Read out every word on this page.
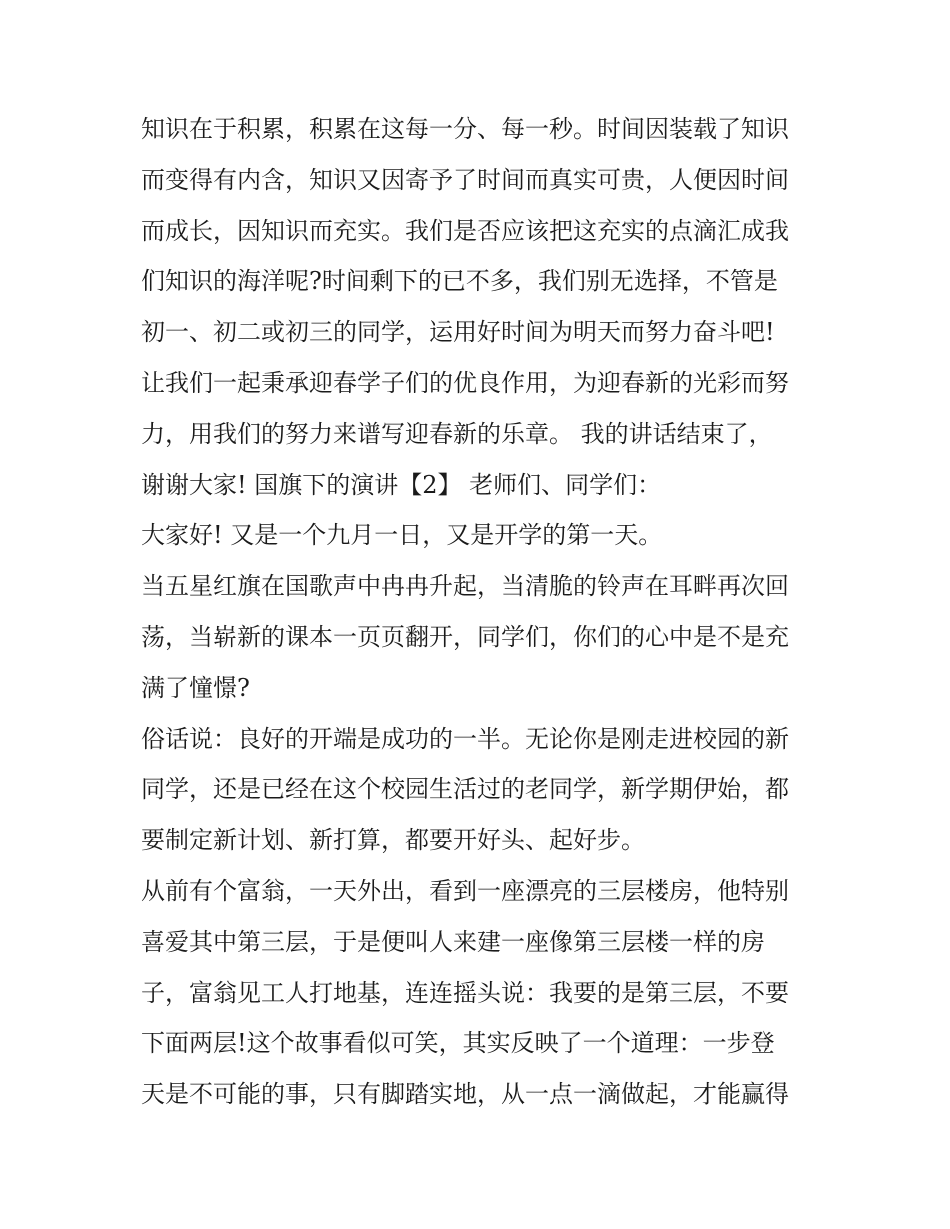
知识在于积累，积累在这每一分、每一秒。时间因装载了知识
而变得有内含，知识又因寄予了时间而真实可贵，人便因时间
而成长，因知识而充实。我们是否应该把这充实的点滴汇成我
们知识的海洋呢?时间剩下的已不多，我们别无选择，不管是
初一、初二或初三的同学，运用好时间为明天而努力奋斗吧!
让我们一起秉承迎春学子们的优良作用，为迎春新的光彩而努
力，用我们的努力来谱写迎春新的乐章。 我的讲话结束了，
谢谢大家! 国旗下的演讲【2】 老师们、同学们：
大家好! 又是一个九月一日，又是开学的第一天。
当五星红旗在国歌声中冉冉升起，当清脆的铃声在耳畔再次回
荡，当崭新的课本一页页翻开，同学们，你们的心中是不是充
满了憧憬?
俗话说：良好的开端是成功的一半。无论你是刚走进校园的新
同学，还是已经在这个校园生活过的老同学，新学期伊始，都
要制定新计划、新打算，都要开好头、起好步。
从前有个富翁，一天外出，看到一座漂亮的三层楼房，他特别
喜爱其中第三层，于是便叫人来建一座像第三层楼一样的房
子，富翁见工人打地基，连连摇头说：我要的是第三层，不要
下面两层!这个故事看似可笑，其实反映了一个道理：一步登
天是不可能的事，只有脚踏实地，从一点一滴做起，才能赢得
